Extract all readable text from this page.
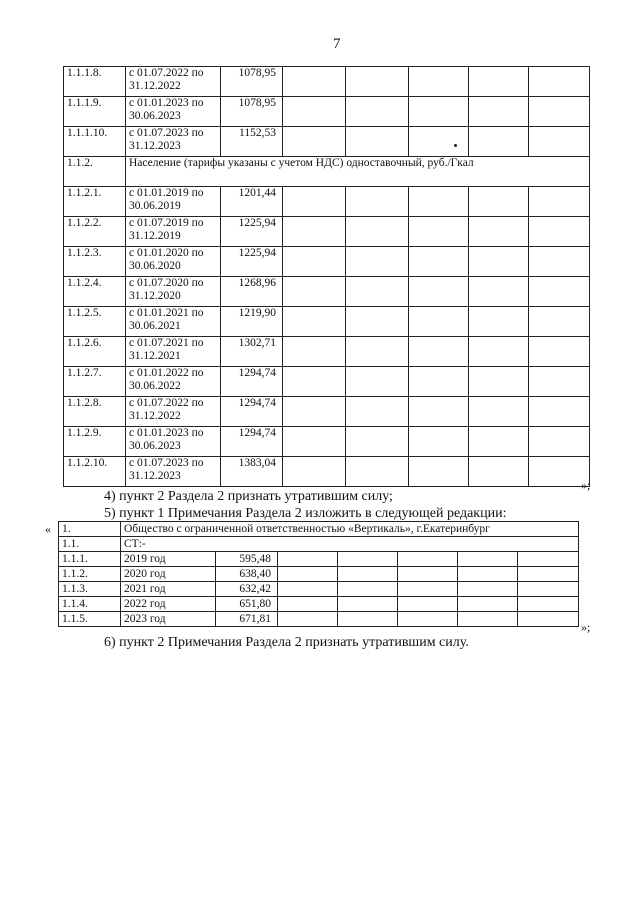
7
1.1.1.8.	с 01.07.2022 по 31.12.2022	1078,95					
1.1.1.9.	с 01.01.2023 по 30.06.2023	1078,95					
1.1.1.10.	с 01.07.2023 по 31.12.2023	1152,53					
1.1.2.	Население (тарифы указаны с учетом НДС) одноставочный, руб./Гкал						
1.1.2.1.	с 01.01.2019 по 30.06.2019	1201,44					
1.1.2.2.	с 01.07.2019 по 31.12.2019	1225,94					
1.1.2.3.	с 01.01.2020 по 30.06.2020	1225,94					
1.1.2.4.	с 01.07.2020 по 31.12.2020	1268,96					
1.1.2.5.	с 01.01.2021 по 30.06.2021	1219,90					
1.1.2.6.	с 01.07.2021 по 31.12.2021	1302,71					
1.1.2.7.	с 01.01.2022 по 30.06.2022	1294,74					
1.1.2.8.	с 01.07.2022 по 31.12.2022	1294,74					
1.1.2.9.	с 01.01.2023 по 30.06.2023	1294,74					
1.1.2.10.	с 01.07.2023 по 31.12.2023	1383,04					
»;
4) пункт 2 Раздела 2 признать утратившим силу;
5) пункт 1 Примечания Раздела 2 изложить в следующей редакции:
« 1.	Общество с ограниченной ответственностью «Вертикаль», г.Екатеринбург						
1.1.	СТ:-						
1.1.1.	2019 год	595,48					
1.1.2.	2020 год	638,40					
1.1.3.	2021 год	632,42					
1.1.4.	2022 год	651,80					
1.1.5.	2023 год	671,81					
»;
6) пункт 2 Примечания Раздела 2 признать утратившим силу.
